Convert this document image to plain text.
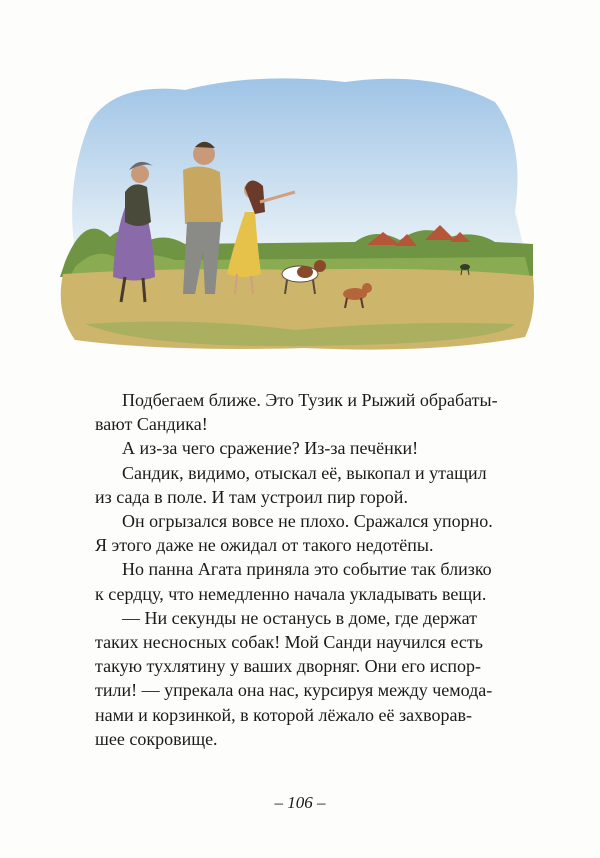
Подбегаем ближе. Это Тузик и Рыжий обрабаты-
вают Сандика!

А из-за чего сражение? Из-за печёнки!

Сандик, видимо, отыскал её, выкопал и утащил
из сада в поле. И там устроил пир горой.

Он огрызался вовсе не плохо. Сражался упорно.
Я этого даже не ожидал от такого недотёпы.

Но панна Агата приняла это событие так близко
к сердцу, что немедленно начала укладывать вещи.

— Ни секунды не останусь в доме, где держат
таких несносных собак! Мой Санди научился есть
такую тухлятину у ваших дворняг. Они его испор-
тили! — упрекала она нас, курсируя между чемода-
нами и корзинкой, в которой лёжало её захворав-
шее сокровище.

– 106 –
